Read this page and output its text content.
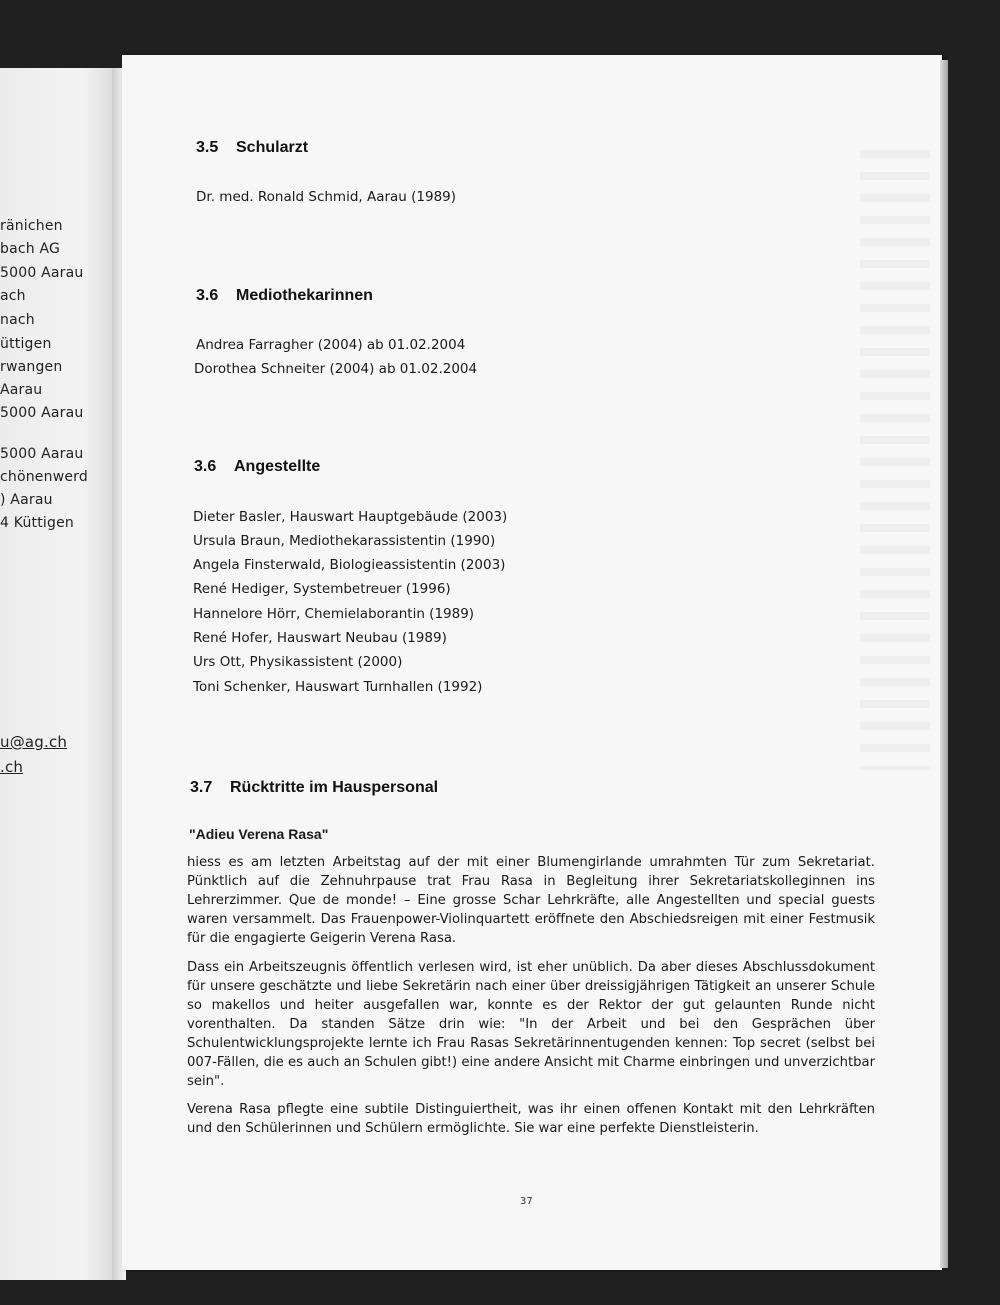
ränichen
bach AG
5000 Aarau
ach
nach
üttigen
rwangen
Aarau
5000 Aarau
5000 Aarau
chönenwerd
) Aarau
4 Küttigen
u@ag.ch
.ch
3.5 Schularzt
Dr. med. Ronald Schmid, Aarau (1989)
3.6 Mediothekarinnen
Andrea Farragher (2004) ab 01.02.2004
Dorothea Schneiter (2004) ab 01.02.2004
3.6 Angestellte
Dieter Basler, Hauswart Hauptgebäude (2003)
Ursula Braun, Mediothekarassistentin (1990)
Angela Finsterwald, Biologieassistentin (2003)
René Hediger, Systembetreuer (1996)
Hannelore Hörr, Chemielaborantin (1989)
René Hofer, Hauswart Neubau (1989)
Urs Ott, Physikassistent (2000)
Toni Schenker, Hauswart Turnhallen (1992)
3.7 Rücktritte im Hauspersonal
"Adieu Verena Rasa"
hiess es am letzten Arbeitstag auf der mit einer Blumengirlande umrahmten Tür zum Sekretariat. Pünktlich auf die Zehnuhrpause trat Frau Rasa in Begleitung ihrer Sekretariatskolleginnen ins Lehrerzimmer. Que de monde! – Eine grosse Schar Lehrkräfte, alle Angestellten und special guests waren versammelt. Das Frauenpower-Violinquartett eröffnete den Abschiedsreigen mit einer Festmusik für die engagierte Geigerin Verena Rasa.
Dass ein Arbeitszeugnis öffentlich verlesen wird, ist eher unüblich. Da aber dieses Abschlussdokument für unsere geschätzte und liebe Sekretärin nach einer über dreissigjährigen Tätigkeit an unserer Schule so makellos und heiter ausgefallen war, konnte es der Rektor der gut gelaunten Runde nicht vorenthalten. Da standen Sätze drin wie: "In der Arbeit und bei den Gesprächen über Schulentwicklungsprojekte lernte ich Frau Rasas Sekretärinnentugenden kennen: Top secret (selbst bei 007-Fällen, die es auch an Schulen gibt!) eine andere Ansicht mit Charme einbringen und unverzichtbar sein".
Verena Rasa pflegte eine subtile Distinguiertheit, was ihr einen offenen Kontakt mit den Lehrkräften und den Schülerinnen und Schülern ermöglichte. Sie war eine perfekte Dienstleisterin.
37
